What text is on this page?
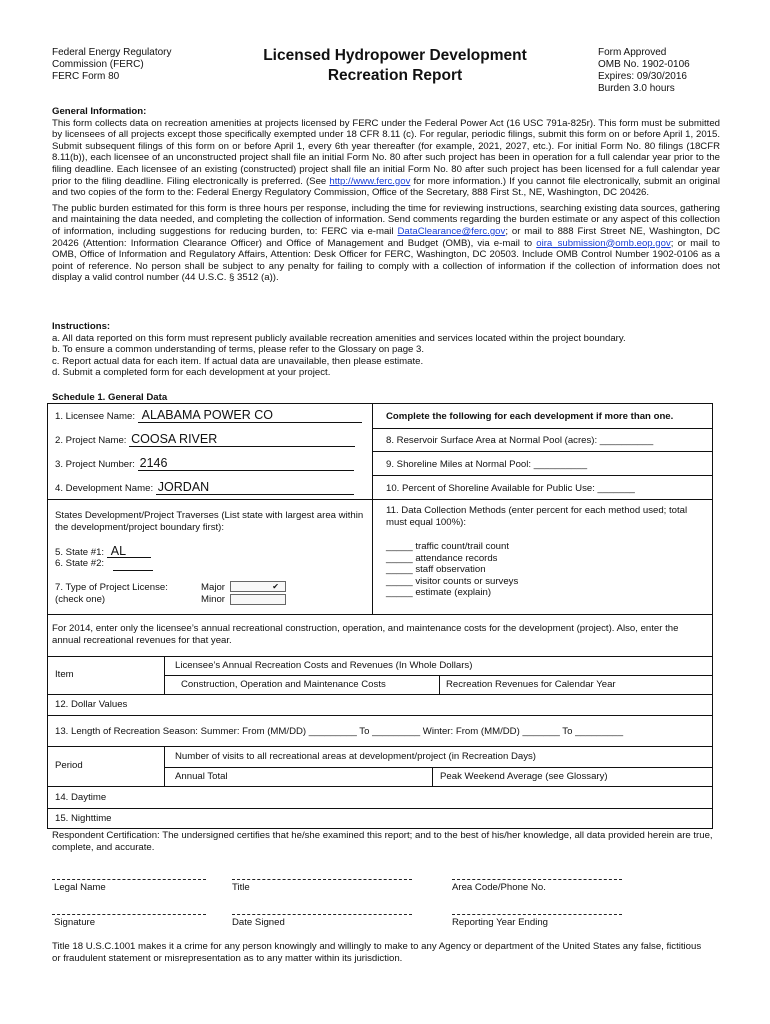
Federal Energy Regulatory
Commission (FERC)
FERC Form 80
Licensed Hydropower Development
Recreation Report
Form Approved
OMB No. 1902-0106
Expires: 09/30/2016
Burden 3.0 hours

General Information:

This form collects data on recreation amenities at projects licensed by FERC under the Federal Power Act (16 USC 791a-825r). This form must be submitted by licensees of all projects except those specifically exempted under 18 CFR 8.11 (c). For regular, periodic filings, submit this form on or before April 1, 2015. Submit subsequent filings of this form on or before April 1, every 6th year thereafter (for example, 2021, 2027, etc.). For initial Form No. 80 filings (18CFR 8.11(b)), each licensee of an unconstructed project shall file an initial Form No. 80 after such project has been in operation for a full calendar year prior to the filing deadline. Each licensee of an existing (constructed) project shall file an initial Form No. 80 after such project has been licensed for a full calendar year prior to the filing deadline. Filing electronically is preferred. (See http://www.ferc.gov for more information.) If you cannot file electronically, submit an original and two copies of the form to the: Federal Energy Regulatory Commission, Office of the Secretary, 888 First St., NE, Washington, DC 20426.

The public burden estimated for this form is three hours per response, including the time for reviewing instructions, searching existing data sources, gathering and maintaining the data needed, and completing the collection of information. Send comments regarding the burden estimate or any aspect of this collection of information, including suggestions for reducing burden, to: FERC via e-mail DataClearance@ferc.gov; or mail to 888 First Street NE, Washington, DC 20426 (Attention: Information Clearance Officer) and Office of Management and Budget (OMB), via e-mail to oira_submission@omb.eop.gov; or mail to OMB, Office of Information and Regulatory Affairs, Attention: Desk Officer for FERC, Washington, DC 20503. Include OMB Control Number 1902-0106 as a point of reference. No person shall be subject to any penalty for failing to comply with a collection of information if the collection of information does not display a valid control number (44 U.S.C. § 3512 (a)).

Instructions:

a. All data reported on this form must represent publicly available recreation amenities and services located within the project boundary.

b. To ensure a common understanding of terms, please refer to the Glossary on page 3.

c. Report actual data for each item. If actual data are unavailable, then please estimate.

d. Submit a completed form for each development at your project.

Schedule 1. General Data
1. Licensee Name: ALABAMA POWER CO
2. Project Name: COOSA RIVER
3. Project Number: 2146
4. Development Name: JORDAN
Complete the following for each development if more than one.
8. Reservoir Surface Area at Normal Pool (acres): __________
9. Shoreline Miles at Normal Pool: __________
10. Percent of Shoreline Available for Public Use: _______
States Development/Project Traverses (List state with largest area within the development/project boundary first):
5. State #1: AL
6. State #2:
7. Type of Project License:
(check one)
Major	✔
Minor
11. Data Collection Methods (enter percent for each method used; total must equal 100%):
_____ traffic count/trail count
_____ attendance records
_____ staff observation
_____ visitor counts or surveys
_____ estimate (explain)
For 2014, enter only the licensee’s annual recreational construction, operation, and maintenance costs for the development (project). Also, enter the annual recreational revenues for that year.
Item
Licensee’s Annual Recreation Costs and Revenues (In Whole Dollars)
Construction, Operation and Maintenance Costs	Recreation Revenues for Calendar Year
12. Dollar Values
13. Length of Recreation Season: Summer: From (MM/DD) _________ To _________ Winter: From (MM/DD) _______ To _________
Period
Number of visits to all recreational areas at development/project (in Recreation Days)
Annual Total	Peak Weekend Average (see Glossary)
14. Daytime
15. Nighttime
Respondent Certification: The undersigned certifies that he/she examined this report; and to the best of his/her knowledge, all data provided herein are true, complete, and accurate.
Legal Name	Title	Area Code/Phone No.
Signature	Date Signed	Reporting Year Ending
Title 18 U.S.C.1001 makes it a crime for any person knowingly and willingly to make to any Agency or department of the United States any false, fictitious or fraudulent statement or misrepresentation as to any matter within its jurisdiction.
